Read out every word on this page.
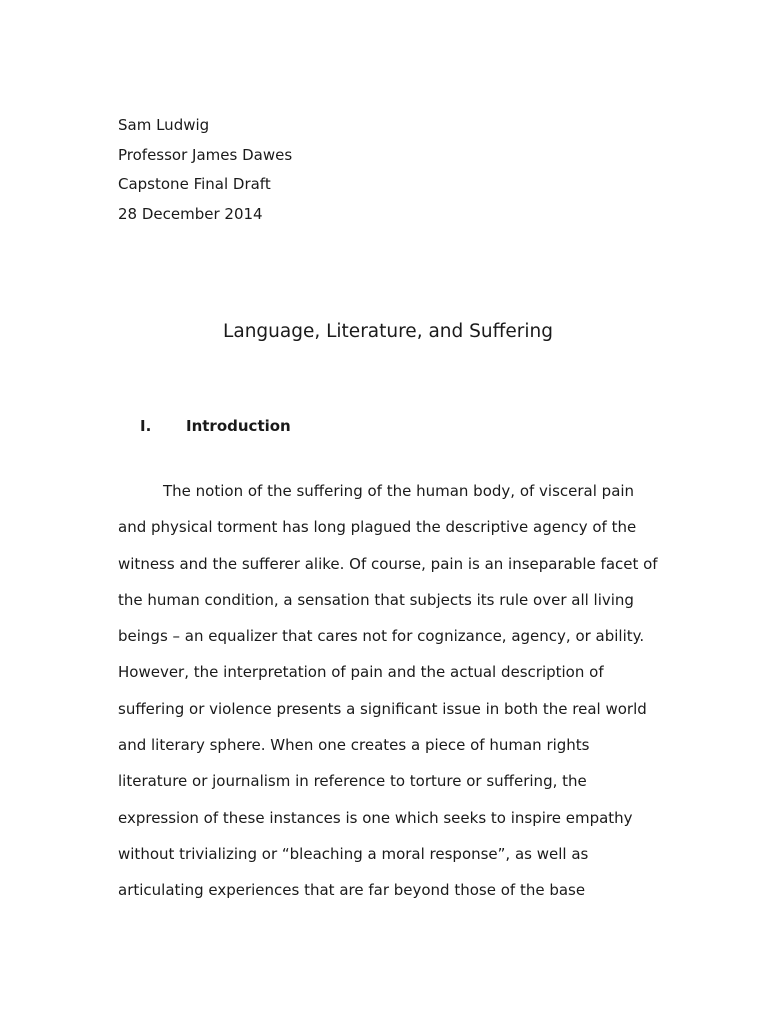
Sam Ludwig
Professor James Dawes
Capstone Final Draft
28 December 2014
Language, Literature, and Suffering
I. Introduction
The notion of the suffering of the human body, of visceral pain
and physical torment has long plagued the descriptive agency of the
witness and the sufferer alike. Of course, pain is an inseparable facet of
the human condition, a sensation that subjects its rule over all living
beings – an equalizer that cares not for cognizance, agency, or ability.
However, the interpretation of pain and the actual description of
suffering or violence presents a significant issue in both the real world
and literary sphere. When one creates a piece of human rights
literature or journalism in reference to torture or suffering, the
expression of these instances is one which seeks to inspire empathy
without trivializing or “bleaching a moral response”, as well as
articulating experiences that are far beyond those of the base
